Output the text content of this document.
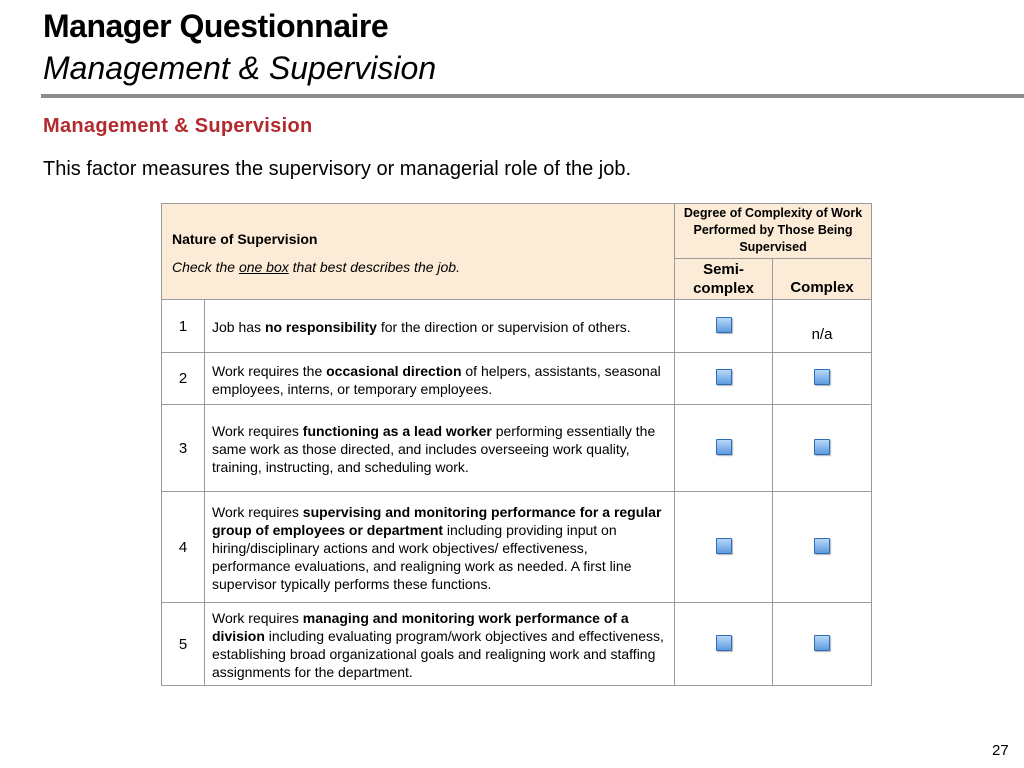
Manager Questionnaire
Management & Supervision
Management & Supervision
This factor measures the supervisory or managerial role of the job.
Nature of Supervision
Check the one box that best describes the job.		Degree of Complexity of Work Performed by Those Being Supervised	
		Semi-complex	Complex
1	Job has no responsibility for the direction or supervision of others.		n/a
2	Work requires the occasional direction of helpers, assistants, seasonal employees, interns, or temporary employees.		
3	Work requires functioning as a lead worker performing essentially the same work as those directed, and includes overseeing work quality, training, instructing, and scheduling work.		
4	Work requires supervising and monitoring performance for a regular group of employees or department including providing input on hiring/disciplinary actions and work objectives/ effectiveness, performance evaluations, and realigning work as needed. A first line supervisor typically performs these functions.		
5	Work requires managing and monitoring work performance of a division including evaluating program/work objectives and effectiveness, establishing broad organizational goals and realigning work and staffing assignments for the department.		
27
